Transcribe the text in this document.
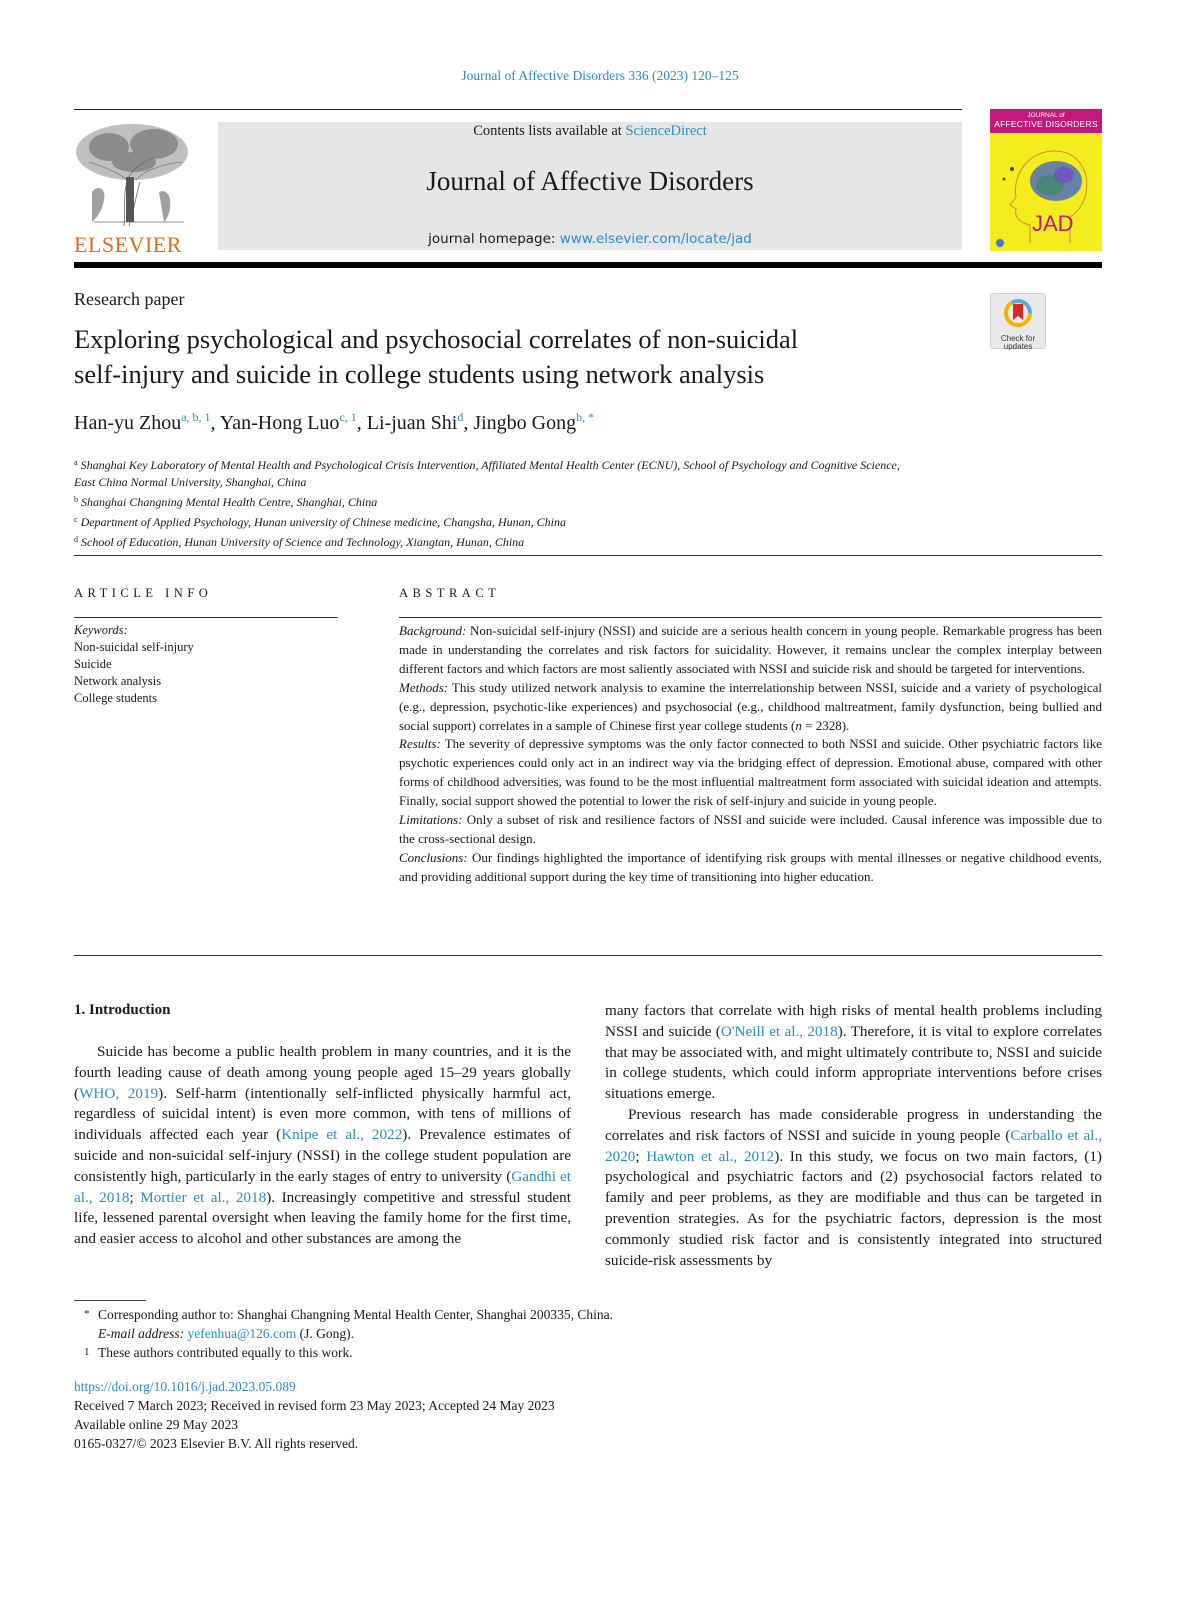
Journal of Affective Disorders 336 (2023) 120–125
ELSEVIER
Contents lists available at ScienceDirect
Journal of Affective Disorders
journal homepage: www.elsevier.com/locate/jad
JOURNAL of
AFFECTIVE DISORDERS
JAD
Research paper
Exploring psychological and psychosocial correlates of non-suicidal
self-injury and suicide in college students using network analysis
Check for
updates
Han-yu Zhou$^{a, b, 1}$, Yan-Hong Luo$^{c, 1}$, Li-juan Shi$^d$, Jingbo Gong$^{b, *}$
$^a$ Shanghai Key Laboratory of Mental Health and Psychological Crisis Intervention, Affiliated Mental Health Center (ECNU), School of Psychology and Cognitive Science,
East China Normal University, Shanghai, China
$^b$ Shanghai Changning Mental Health Centre, Shanghai, China
$^c$ Department of Applied Psychology, Hunan university of Chinese medicine, Changsha, Hunan, China
$^d$ School of Education, Hunan University of Science and Technology, Xiangtan, Hunan, China
ARTICLE INFO
Keywords:
Non-suicidal self-injury
Suicide
Network analysis
College students
ABSTRACT

Background: Non-suicidal self-injury (NSSI) and suicide are a serious health concern in young people. Remarkable progress has been made in understanding the correlates and risk factors for suicidality. However, it remains unclear the complex interplay between different factors and which factors are most saliently associated with NSSI and suicide risk and should be targeted for interventions.

Methods: This study utilized network analysis to examine the interrelationship between NSSI, suicide and a variety of psychological (e.g., depression, psychotic-like experiences) and psychosocial (e.g., childhood maltreatment, family dysfunction, being bullied and social support) correlates in a sample of Chinese first year college students (n = 2328).

Results: The severity of depressive symptoms was the only factor connected to both NSSI and suicide. Other psychiatric factors like psychotic experiences could only act in an indirect way via the bridging effect of depression. Emotional abuse, compared with other forms of childhood adversities, was found to be the most influential maltreatment form associated with suicidal ideation and attempts. Finally, social support showed the potential to lower the risk of self-injury and suicide in young people.

Limitations: Only a subset of risk and resilience factors of NSSI and suicide were included. Causal inference was impossible due to the cross-sectional design.

Conclusions: Our findings highlighted the importance of identifying risk groups with mental illnesses or negative childhood events, and providing additional support during the key time of transitioning into higher education.

1. Introduction

Suicide has become a public health problem in many countries, and it is the fourth leading cause of death among young people aged 15–29 years globally (WHO, 2019). Self-harm (intentionally self-inflicted physically harmful act, regardless of suicidal intent) is even more common, with tens of millions of individuals affected each year (Knipe et al., 2022). Prevalence estimates of suicide and non-suicidal self-injury (NSSI) in the college student population are consistently high, particularly in the early stages of entry to university (Gandhi et al., 2018; Mortier et al., 2018). Increasingly competitive and stressful student life, lessened parental oversight when leaving the family home for the first time, and easier access to alcohol and other substances are among the

many factors that correlate with high risks of mental health problems including NSSI and suicide (O'Neill et al., 2018). Therefore, it is vital to explore correlates that may be associated with, and might ultimately contribute to, NSSI and suicide in college students, which could inform appropriate interventions before crises situations emerge.

Previous research has made considerable progress in understanding the correlates and risk factors of NSSI and suicide in young people (Carballo et al., 2020; Hawton et al., 2012). In this study, we focus on two main factors, (1) psychological and psychiatric factors and (2) psychosocial factors related to family and peer problems, as they are modifiable and thus can be targeted in prevention strategies. As for the psychiatric factors, depression is the most commonly studied risk factor and is consistently integrated into structured suicide-risk assessments by

* Corresponding author to: Shanghai Changning Mental Health Center, Shanghai 200335, China.
E-mail address: yefenhua@126.com (J. Gong).
1 These authors contributed equally to this work.
https://doi.org/10.1016/j.jad.2023.05.089
Received 7 March 2023; Received in revised form 23 May 2023; Accepted 24 May 2023
Available online 29 May 2023
0165-0327/© 2023 Elsevier B.V. All rights reserved.
